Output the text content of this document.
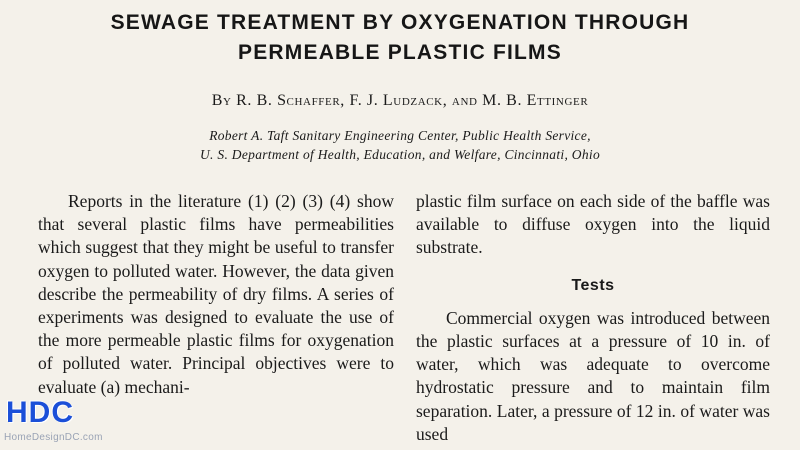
SEWAGE TREATMENT BY OXYGENATION THROUGH
PERMEABLE PLASTIC FILMS
By R. B. Schaffer, F. J. Ludzack, and M. B. Ettinger
Robert A. Taft Sanitary Engineering Center, Public Health Service,
U. S. Department of Health, Education, and Welfare, Cincinnati, Ohio

Reports in the literature (1) (2) (3) (4) show that several plastic films have permeabilities which suggest that they might be useful to transfer oxygen to polluted water. However, the data given describe the permeability of dry films. A series of experiments was designed to evaluate the use of the more permeable plastic films for oxygenation of polluted water. Principal objectives were to evaluate (a) mechani-

plastic film surface on each side of the baffle was available to diffuse oxygen into the liquid substrate.

Tests

Commercial oxygen was introduced between the plastic surfaces at a pressure of 10 in. of water, which was adequate to overcome hydrostatic pressure and to maintain film separation. Later, a pressure of 12 in. of water was used

HDC
HomeDesignDC.com
